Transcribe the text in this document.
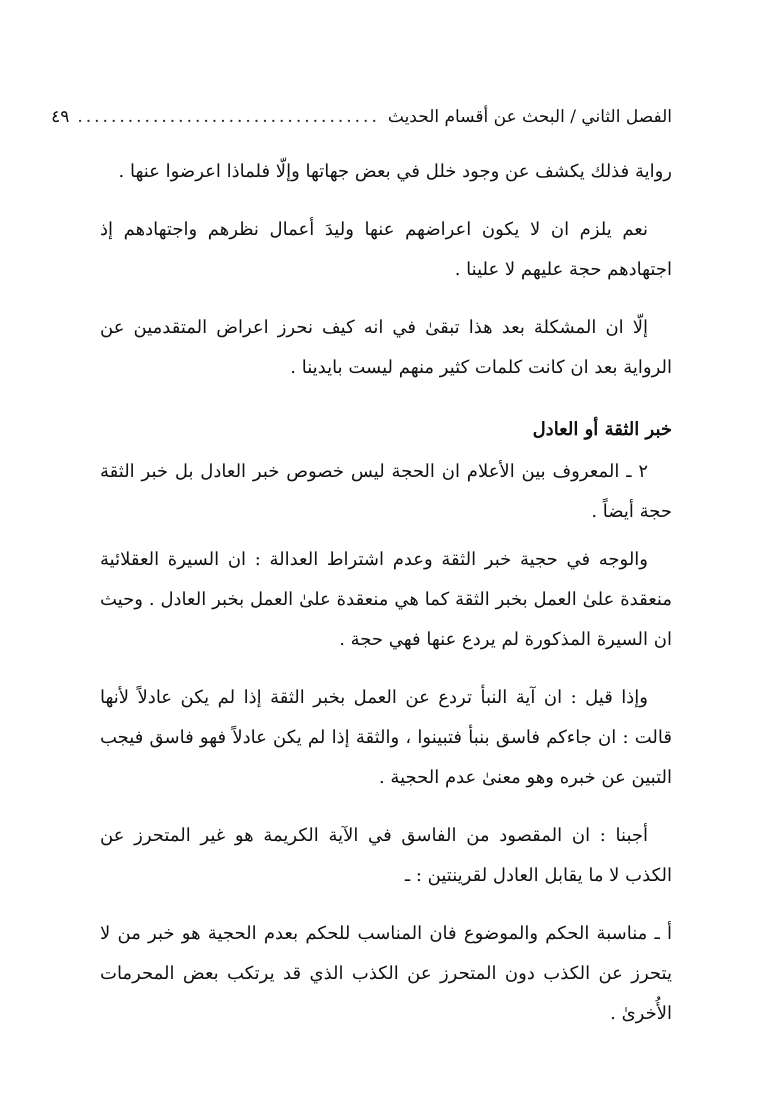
الفصل الثاني / البحث عن أقسام الحديث
....................................
٤٩

رواية فذلك يكشف عن وجود خلل في بعض جهاتها وإلّا فلماذا اعرضوا عنها .

نعم يلزم ان لا يكون اعراضهم عنها وليدَ أعمال نظرهم واجتهادهم إذ اجتهادهم حجة عليهم لا علينا .

إلّا ان المشكلة بعد هذا تبقىٰ في انه كيف نحرز اعراض المتقدمين عن الرواية بعد ان كانت كلمات كثير منهم ليست بايدينا .

خبر الثقة أو العادل

٢ ـ المعروف بين الأعلام ان الحجة ليس خصوص خبر العادل بل خبر الثقة حجة أيضاً .

والوجه في حجية خبر الثقة وعدم اشتراط العدالة : ان السيرة العقلائية منعقدة علىٰ العمل بخبر الثقة كما هي منعقدة علىٰ العمل بخبر العادل . وحيث ان السيرة المذكورة لم يردع عنها فهي حجة .

وإذا قيل : ان آية النبأ تردع عن العمل بخبر الثقة إذا لم يكن عادلاً لأنها قالت : ان جاءكم فاسق بنبأ فتبينوا ، والثقة إذا لم يكن عادلاً فهو فاسق فيجب التبين عن خبره وهو معنىٰ عدم الحجية .

أجبنا : ان المقصود من الفاسق في الآية الكريمة هو غير المتحرز عن الكذب لا ما يقابل العادل لقرينتين : ـ

أ ـ مناسبة الحكم والموضوع فان المناسب للحكم بعدم الحجية هو خبر من لا يتحرز عن الكذب دون المتحرز عن الكذب الذي قد يرتكب بعض المحرمات الأُخرىٰ .
